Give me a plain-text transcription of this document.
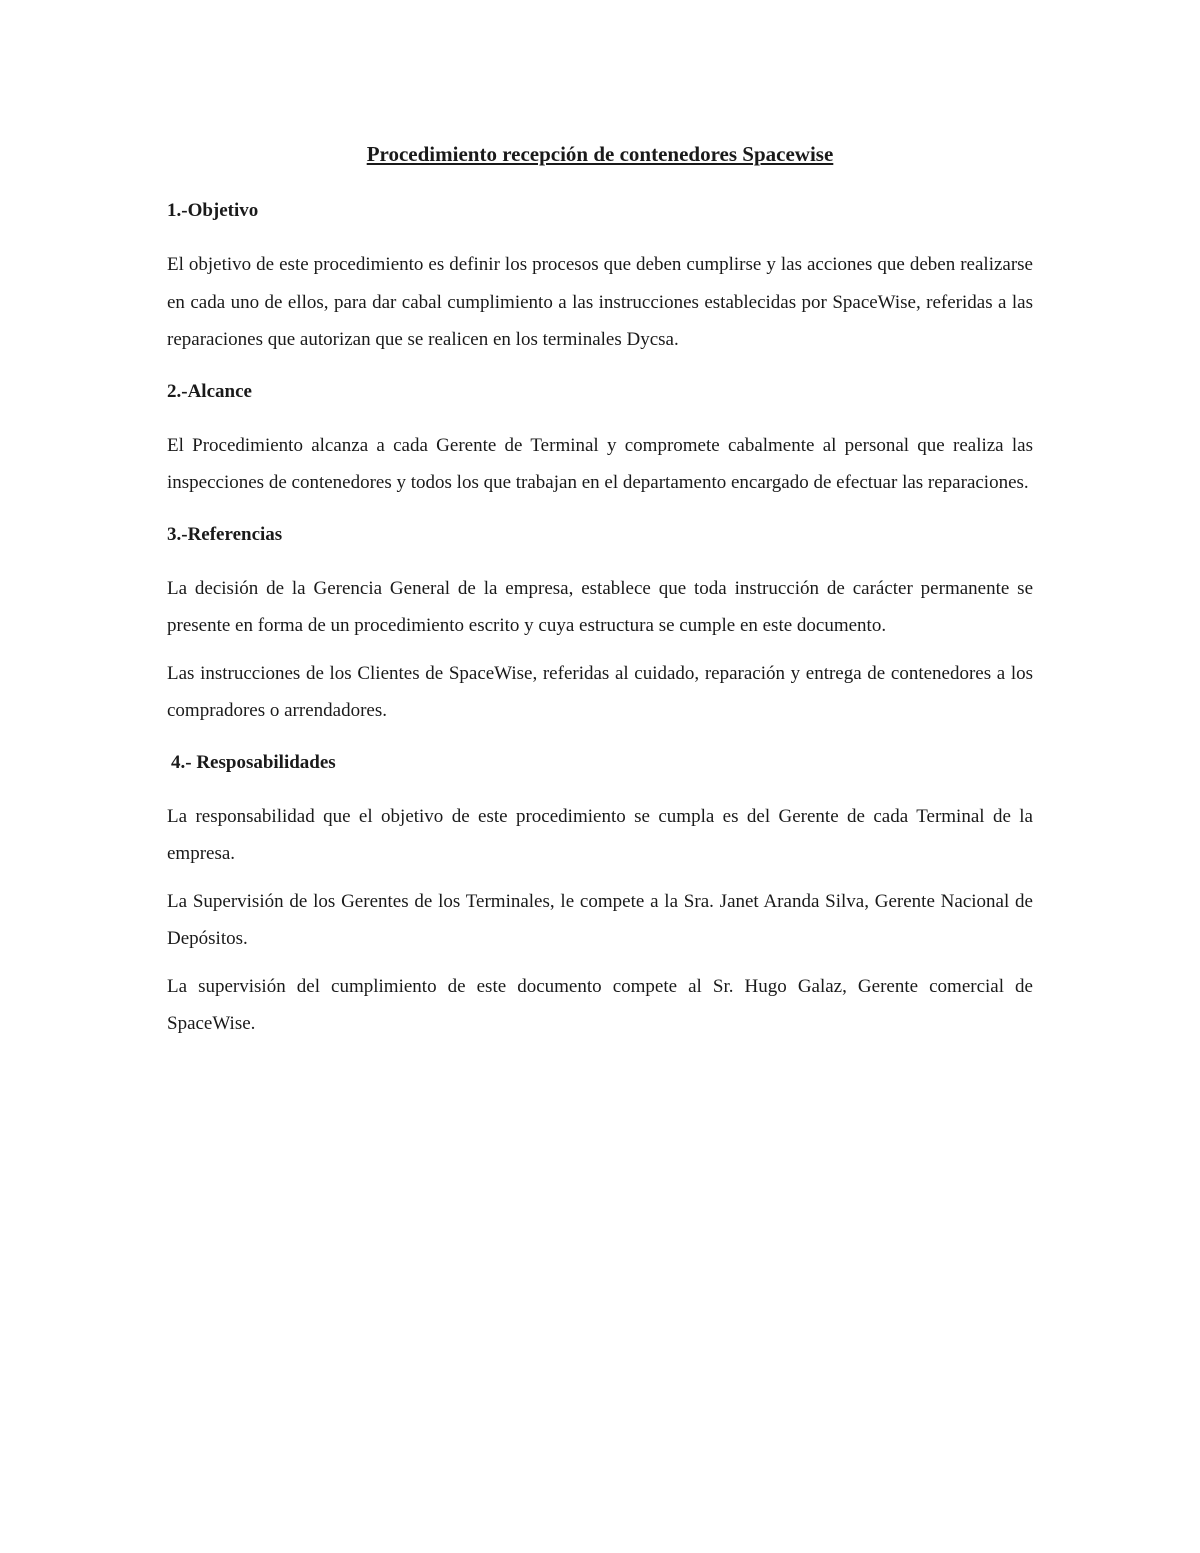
Procedimiento recepción de contenedores Spacewise
1.-Objetivo

El objetivo de este procedimiento es definir los procesos que deben cumplirse y las acciones que deben realizarse en cada uno de ellos, para dar cabal cumplimiento a las instrucciones establecidas por SpaceWise, referidas a las reparaciones que autorizan que se realicen en los terminales Dycsa.

2.-Alcance

El Procedimiento alcanza a cada Gerente de Terminal y compromete cabalmente al personal que realiza las inspecciones de contenedores y todos los que trabajan en el departamento encargado de efectuar las reparaciones.

3.-Referencias

La decisión de la Gerencia General de la empresa, establece que toda instrucción de carácter permanente se presente en forma de un procedimiento escrito y cuya estructura se cumple en este documento.

Las instrucciones de los Clientes de SpaceWise, referidas al cuidado, reparación y entrega de contenedores a los compradores o arrendadores.

4.- Resposabilidades

La responsabilidad que el objetivo de este procedimiento se cumpla es del Gerente de cada Terminal de la empresa.

La Supervisión de los Gerentes de los Terminales, le compete a la Sra. Janet Aranda Silva, Gerente Nacional de Depósitos.

La supervisión del cumplimiento de este documento compete al Sr. Hugo Galaz, Gerente comercial de SpaceWise.
